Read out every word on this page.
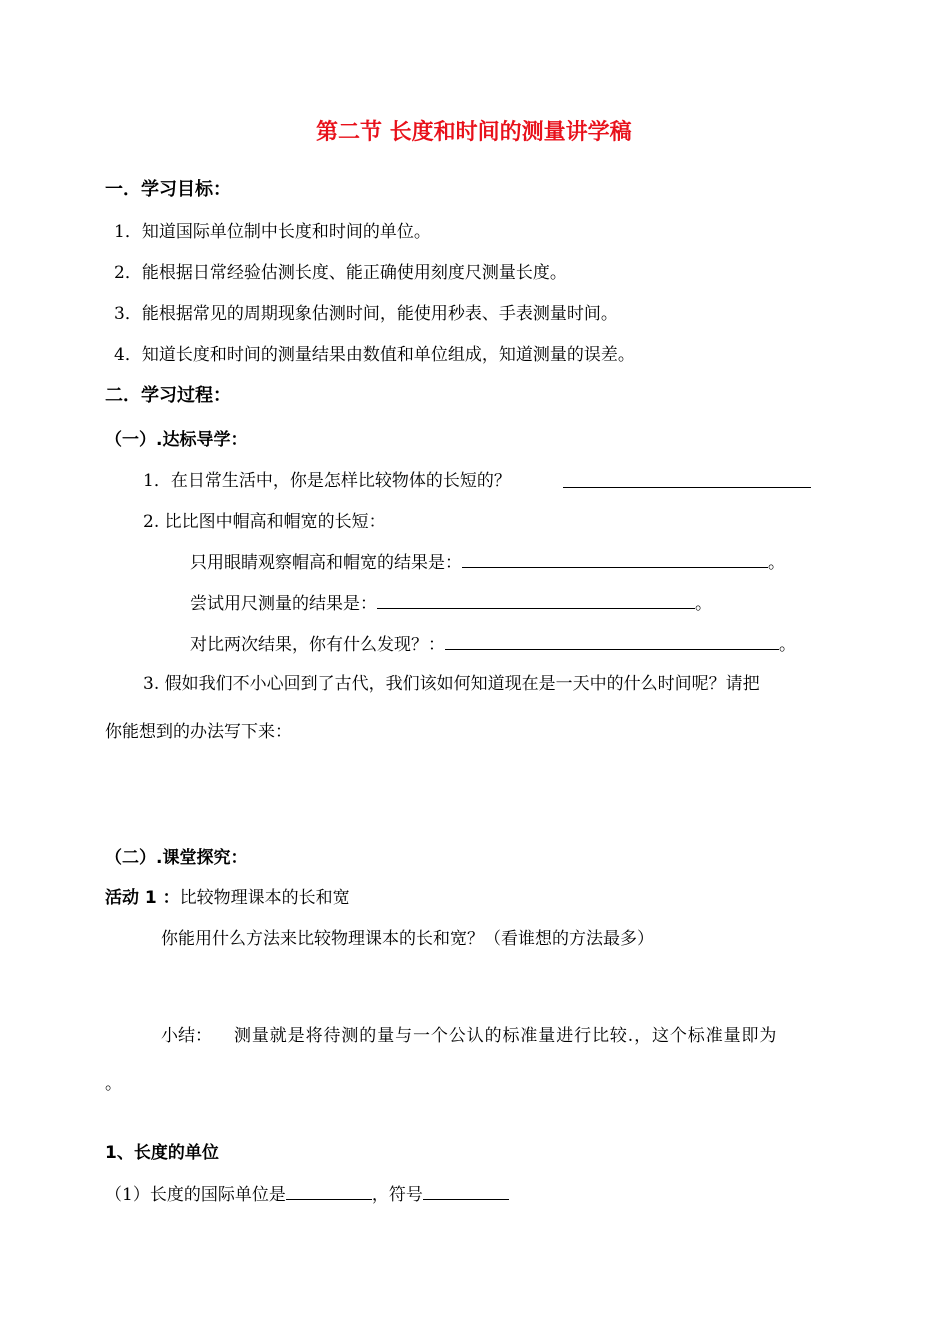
第二节 长度和时间的测量讲学稿
一．学习目标：
1．知道国际单位制中长度和时间的单位。
2．能根据日常经验估测长度、能正确使用刻度尺测量长度。
3．能根据常见的周期现象估测时间，能使用秒表、手表测量时间。
4．知道长度和时间的测量结果由数值和单位组成，知道测量的误差。
二．学习过程：
（一）.达标导学：
1．在日常生活中，你是怎样比较物体的长短的？
2. 比比图中帽高和帽宽的长短：
只用眼睛观察帽高和帽宽的结果是：	。
尝试用尺测量的结果是：	。
对比两次结果，你有什么发现？：	。
3. 假如我们不小心回到了古代，我们该如何知道现在是一天中的什么时间呢？请把
你能想到的办法写下来：
（二）.课堂探究：
活动 1 ：比较物理课本的长和宽
你能用什么方法来比较物理课本的长和宽？（看谁想的方法最多）
小结： 测量就是将待测的量与一个公认的标准量进行比较.，这个标准量即为
。
1、长度的单位
（1）长度的国际单位是	，符号
